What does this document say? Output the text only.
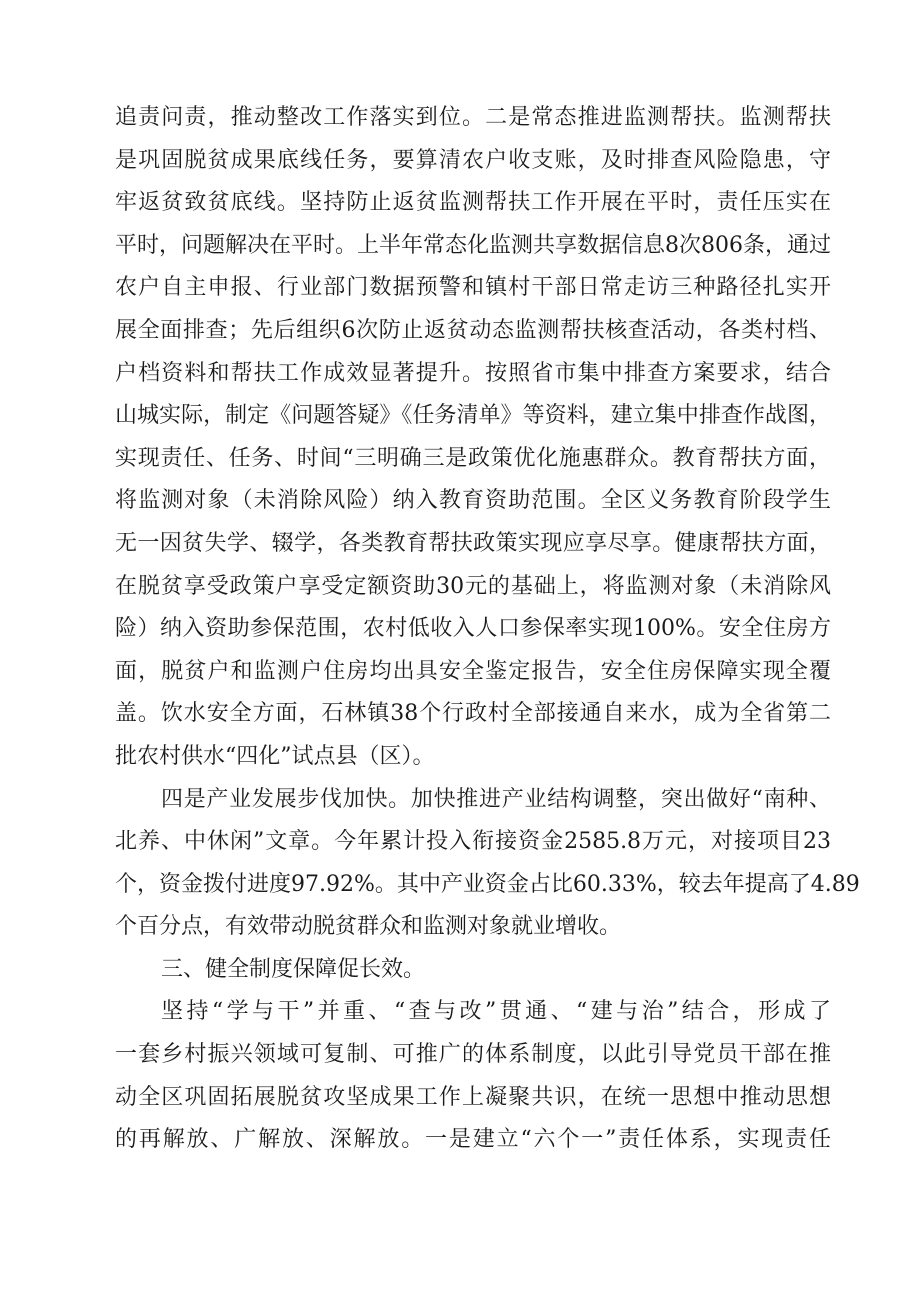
追责问责，推动整改工作落实到位。二是常态推进监测帮扶。监测帮扶
是巩固脱贫成果底线任务，要算清农户收支账，及时排查风险隐患，守
牢返贫致贫底线。坚持防止返贫监测帮扶工作开展在平时，责任压实在
平时，问题解决在平时。上半年常态化监测共享数据信息8次806条，通过
农户自主申报、行业部门数据预警和镇村干部日常走访三种路径扎实开
展全面排查；先后组织6次防止返贫动态监测帮扶核查活动，各类村档、
户档资料和帮扶工作成效显著提升。按照省市集中排查方案要求，结合
山城实际，制定《问题答疑》《任务清单》等资料，建立集中排查作战图，
实现责任、任务、时间“三明确三是政策优化施惠群众。教育帮扶方面，
将监测对象（未消除风险）纳入教育资助范围。全区义务教育阶段学生
无一因贫失学、辍学，各类教育帮扶政策实现应享尽享。健康帮扶方面，
在脱贫享受政策户享受定额资助30元的基础上，将监测对象（未消除风
险）纳入资助参保范围，农村低收入人口参保率实现100%。安全住房方
面，脱贫户和监测户住房均出具安全鉴定报告，安全住房保障实现全覆
盖。饮水安全方面，石林镇38个行政村全部接通自来水，成为全省第二
批农村供水“四化”试点县（区）。
四是产业发展步伐加快。加快推进产业结构调整，突出做好“南种、
北养、中休闲”文章。今年累计投入衔接资金2585.8万元，对接项目23
个，资金拨付进度97.92%。其中产业资金占比60.33%，较去年提高了4.89
个百分点，有效带动脱贫群众和监测对象就业增收。
三、健全制度保障促长效。
坚持“学与干”并重、“查与改”贯通、“建与治”结合，形成了
一套乡村振兴领域可复制、可推广的体系制度，以此引导党员干部在推
动全区巩固拓展脱贫攻坚成果工作上凝聚共识，在统一思想中推动思想
的再解放、广解放、深解放。一是建立“六个一”责任体系，实现责任
